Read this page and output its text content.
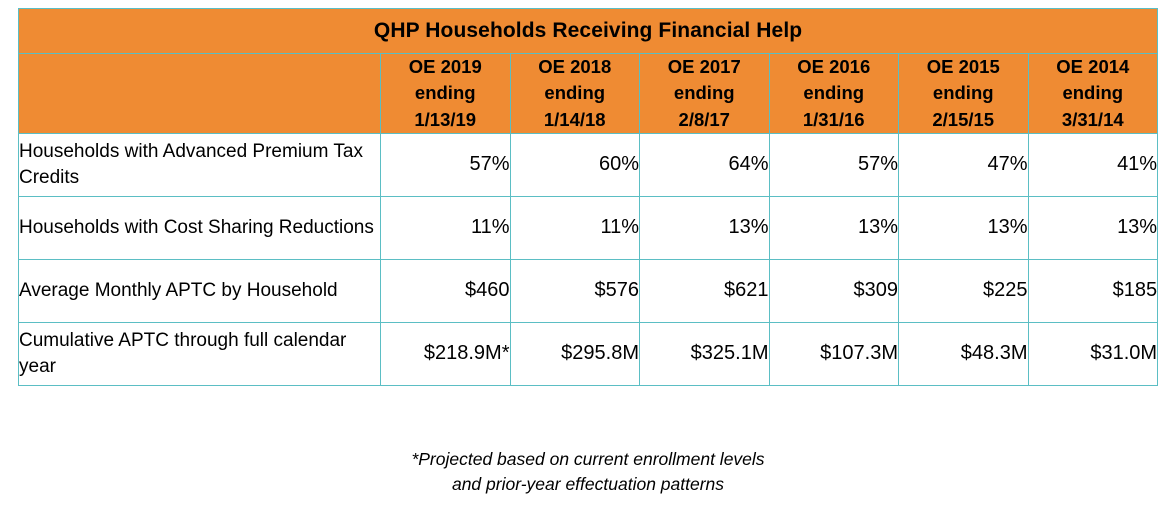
QHP Households Receiving Financial Help						

	OE 2019
ending
1/13/19	OE 2018
ending
1/14/18	OE 2017
ending
2/8/17	OE 2016
ending
1/31/16	OE 2015
ending
2/15/15	OE 2014
ending
3/31/14

Households with Advanced Premium Tax Credits	57%	60%	64%	57%	47%	41%
Households with Cost Sharing Reductions	11%	11%	13%	13%	13%	13%
Average Monthly APTC by Household	$460	$576	$621	$309	$225	$185
Cumulative APTC through full calendar year	$218.9M*	$295.8M	$325.1M	$107.3M	$48.3M	$31.0M
*Projected based on current enrollment levels
and prior-year effectuation patterns
